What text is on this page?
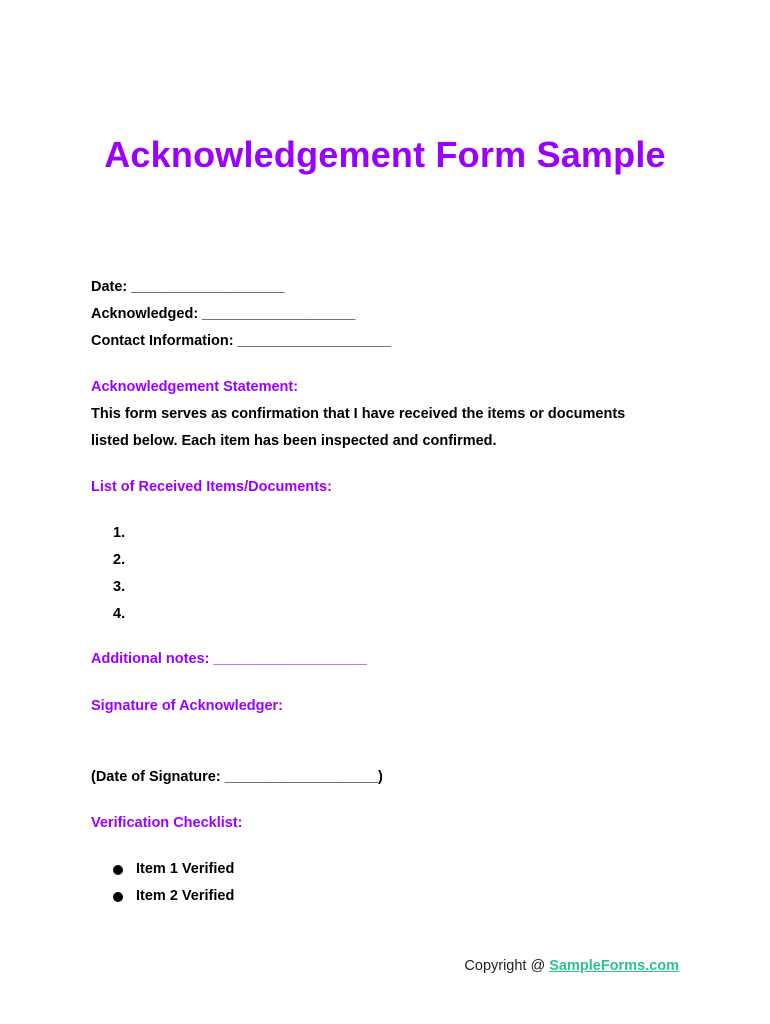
Acknowledgement Form Sample
Date: ___________________
Acknowledged: ___________________
Contact Information: ___________________
Acknowledgement Statement:
This form serves as confirmation that I have received the items or documents
listed below. Each item has been inspected and confirmed.
List of Received Items/Documents:
1.
2.
3.
4.
Additional notes: ___________________
Signature of Acknowledger:
(Date of Signature: ___________________)
Verification Checklist:
Item 1 Verified
Item 2 Verified
Copyright @ SampleForms.com
